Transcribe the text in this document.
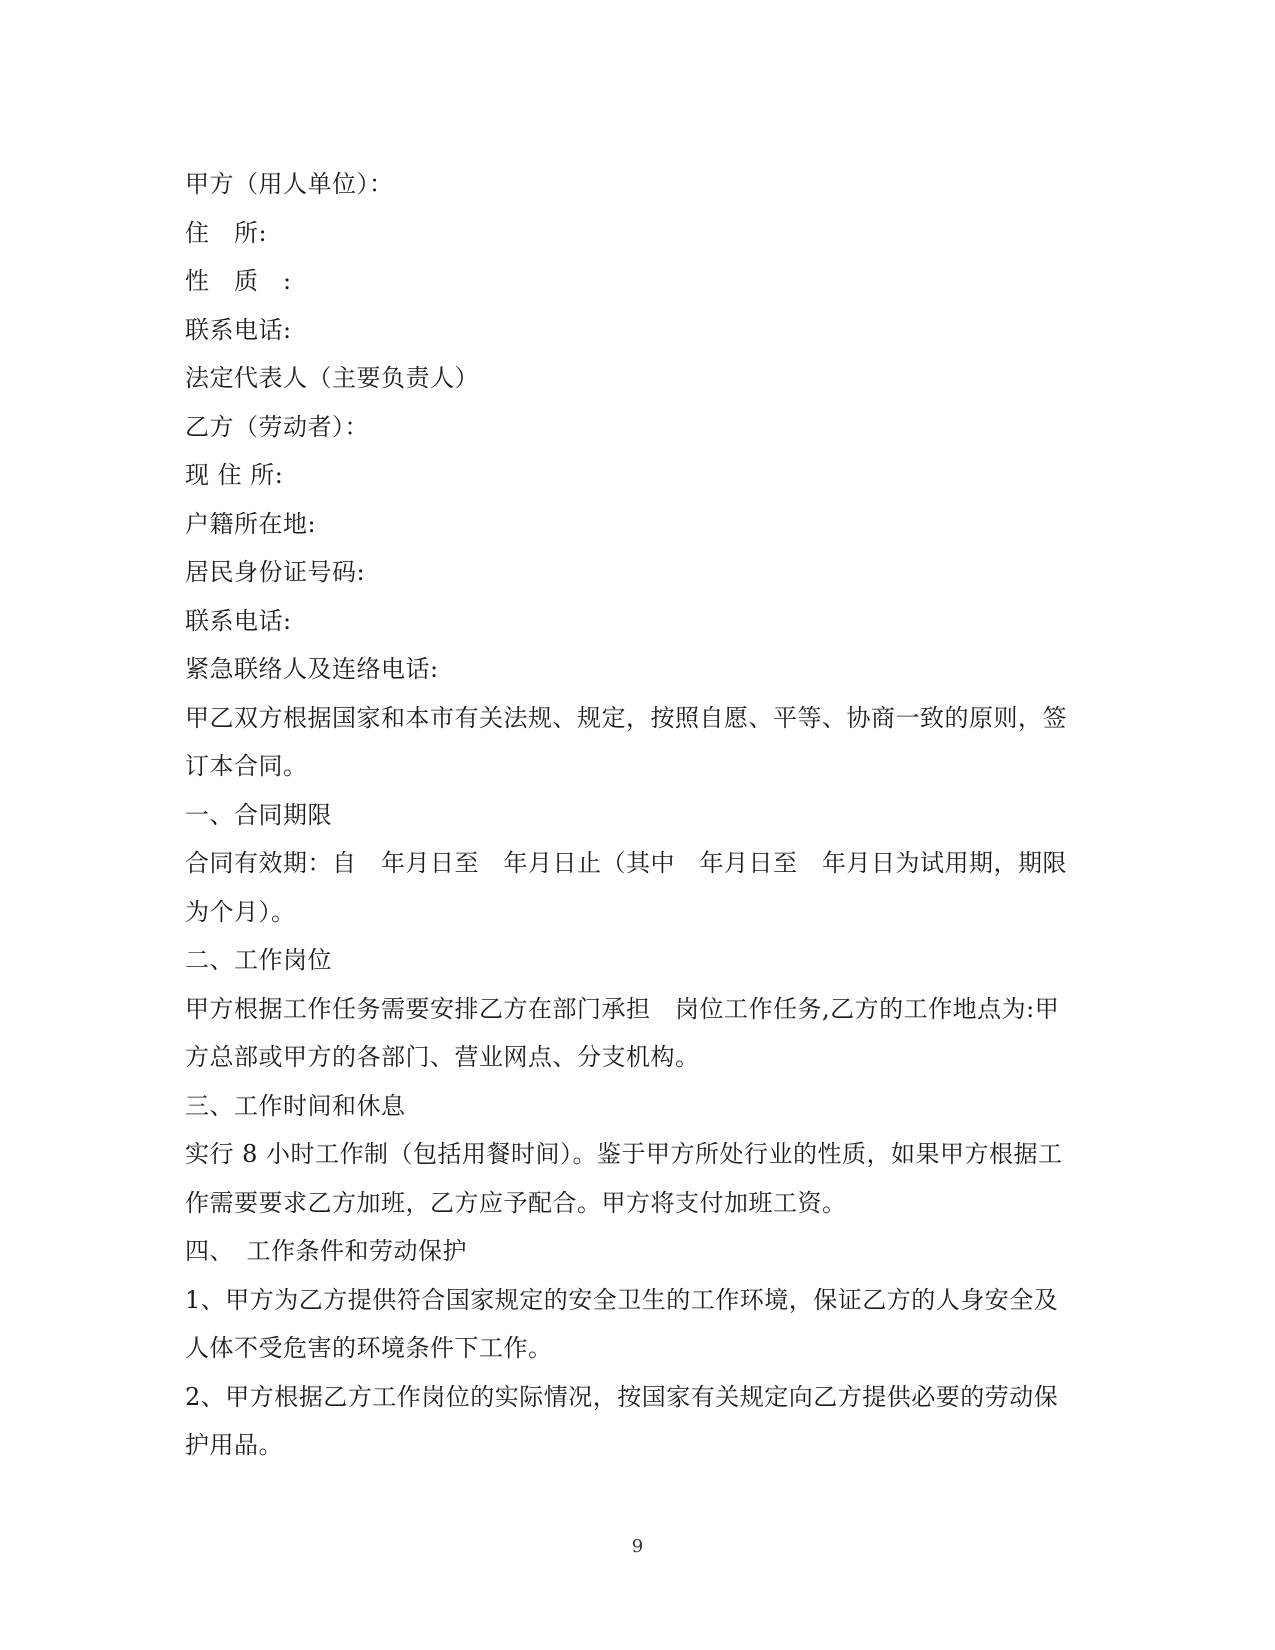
甲方（用人单位）：
住　所:
性　质　:
联系电话:
法定代表人（主要负责人）
乙方（劳动者）：
现 住 所:
户籍所在地:
居民身份证号码:
联系电话:
紧急联络人及连络电话:
甲乙双方根据国家和本市有关法规、规定，按照自愿、平等、协商一致的原则，签
订本合同。
一、合同期限
合同有效期：自　年月日至　年月日止（其中　年月日至　年月日为试用期，期限
为个月）。
二、工作岗位
甲方根据工作任务需要安排乙方在部门承担　岗位工作任务,乙方的工作地点为:甲
方总部或甲方的各部门、营业网点、分支机构。
三、工作时间和休息
实行 8 小时工作制（包括用餐时间）。鉴于甲方所处行业的性质，如果甲方根据工
作需要要求乙方加班，乙方应予配合。甲方将支付加班工资。
四、　工作条件和劳动保护
1、甲方为乙方提供符合国家规定的安全卫生的工作环境，保证乙方的人身安全及
人体不受危害的环境条件下工作。
2、甲方根据乙方工作岗位的实际情况，按国家有关规定向乙方提供必要的劳动保
护用品。
9
